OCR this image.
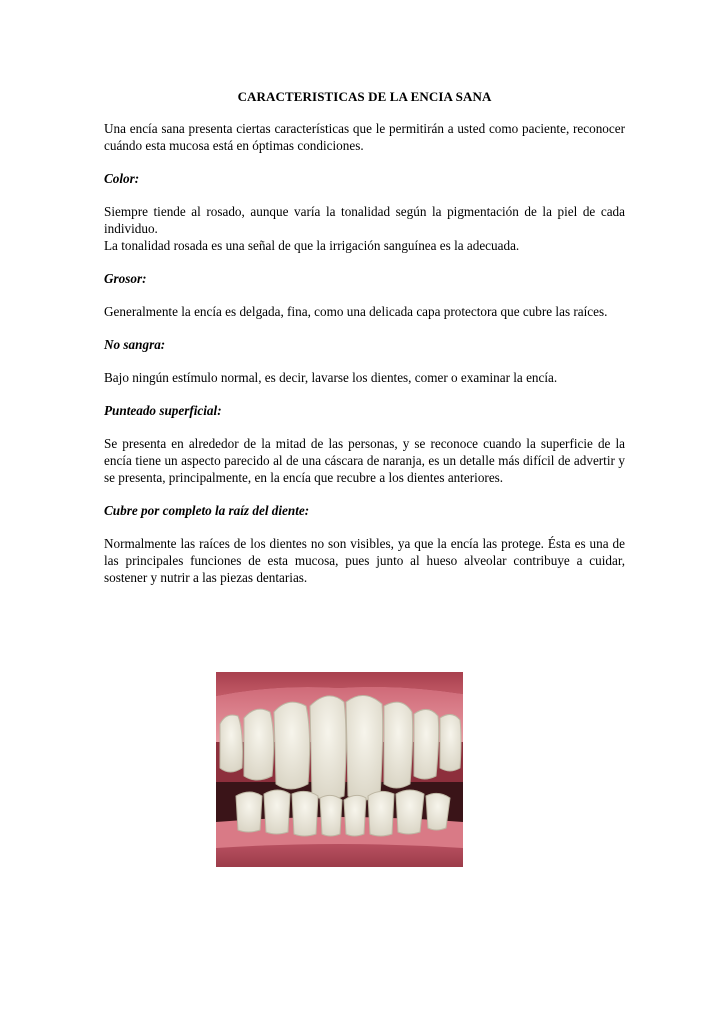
CARACTERISTICAS DE LA ENCIA SANA
Una encía sana presenta ciertas características que le permitirán a usted como paciente, reconocer cuándo esta mucosa está en óptimas condiciones.
Color:
Siempre tiende al rosado, aunque varía la tonalidad según la pigmentación de la piel de cada individuo.
La tonalidad rosada es una señal de que la irrigación sanguínea es la adecuada.
Grosor:
Generalmente la encía es delgada, fina, como una delicada capa protectora que cubre las raíces.
No sangra:
Bajo ningún estímulo normal, es decir, lavarse los dientes, comer o examinar la encía.
Punteado superficial:
Se presenta en alrededor de la mitad de las personas, y se reconoce cuando la superficie de la encía tiene un aspecto parecido al de una cáscara de naranja, es un detalle más difícil de advertir y se presenta, principalmente, en la encía que recubre a los dientes anteriores.
Cubre por completo la raíz del diente:
Normalmente las raíces de los dientes no son visibles, ya que la encía las protege. Ésta es una de las principales funciones de esta mucosa, pues junto al hueso alveolar contribuye a cuidar, sostener y nutrir a las piezas dentarias.
